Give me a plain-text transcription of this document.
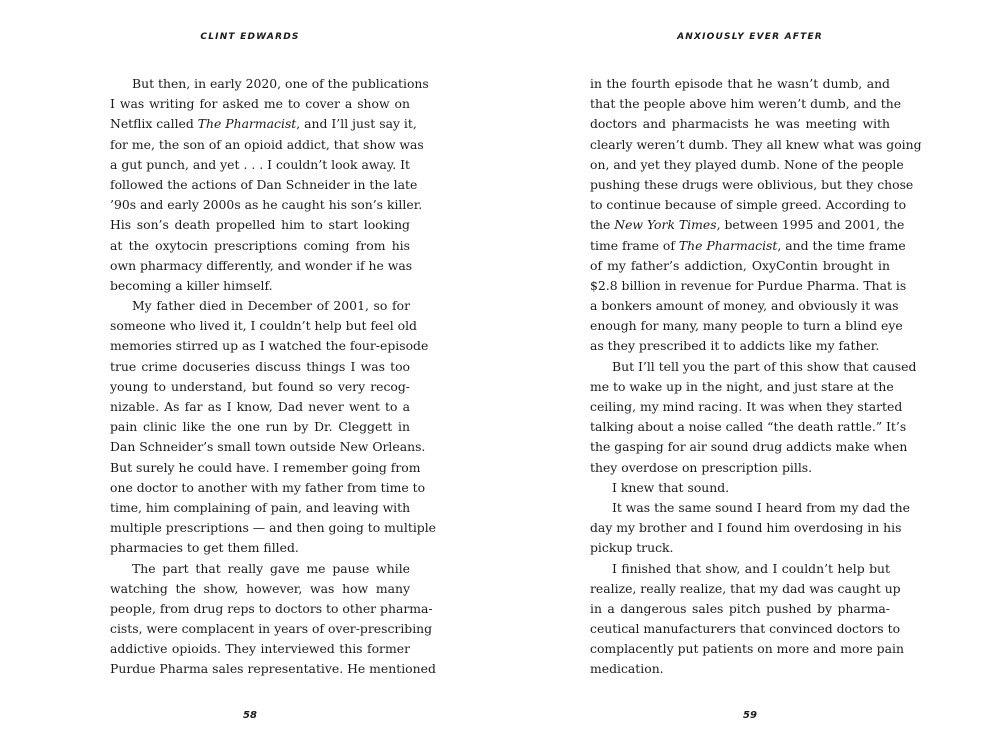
CLINT EDWARDS
But then, in early 2020, one of the publications
I was writing for asked me to cover a show on
Netflix called The Pharmacist, and I’ll just say it,
for me, the son of an opioid addict, that show was
a gut punch, and yet . . . I couldn’t look away. It
followed the actions of Dan Schneider in the late
’90s and early 2000s as he caught his son’s killer.
His son’s death propelled him to start looking
at the oxytocin prescriptions coming from his
own pharmacy differently, and wonder if he was
becoming a killer himself.
My father died in December of 2001, so for
someone who lived it, I couldn’t help but feel old
memories stirred up as I watched the four-episode
true crime docuseries discuss things I was too
young to understand, but found so very recog-
nizable. As far as I know, Dad never went to a
pain clinic like the one run by Dr. Cleggett in
Dan Schneider’s small town outside New Orleans.
But surely he could have. I remember going from
one doctor to another with my father from time to
time, him complaining of pain, and leaving with
multiple prescriptions — and then going to multiple
pharmacies to get them filled.
The part that really gave me pause while
watching the show, however, was how many
people, from drug reps to doctors to other pharma-
cists, were complacent in years of over-prescribing
addictive opioids. They interviewed this former
Purdue Pharma sales representative. He mentioned
58
ANXIOUSLY EVER AFTER
in the fourth episode that he wasn’t dumb, and
that the people above him weren’t dumb, and the
doctors and pharmacists he was meeting with
clearly weren’t dumb. They all knew what was going
on, and yet they played dumb. None of the people
pushing these drugs were oblivious, but they chose
to continue because of simple greed. According to
the New York Times, between 1995 and 2001, the
time frame of The Pharmacist, and the time frame
of my father’s addiction, OxyContin brought in
$2.8 billion in revenue for Purdue Pharma. That is
a bonkers amount of money, and obviously it was
enough for many, many people to turn a blind eye
as they prescribed it to addicts like my father.
But I’ll tell you the part of this show that caused
me to wake up in the night, and just stare at the
ceiling, my mind racing. It was when they started
talking about a noise called “the death rattle.” It’s
the gasping for air sound drug addicts make when
they overdose on prescription pills.
I knew that sound.
It was the same sound I heard from my dad the
day my brother and I found him overdosing in his
pickup truck.
I finished that show, and I couldn’t help but
realize, really realize, that my dad was caught up
in a dangerous sales pitch pushed by pharma-
ceutical manufacturers that convinced doctors to
complacently put patients on more and more pain
medication.
59
